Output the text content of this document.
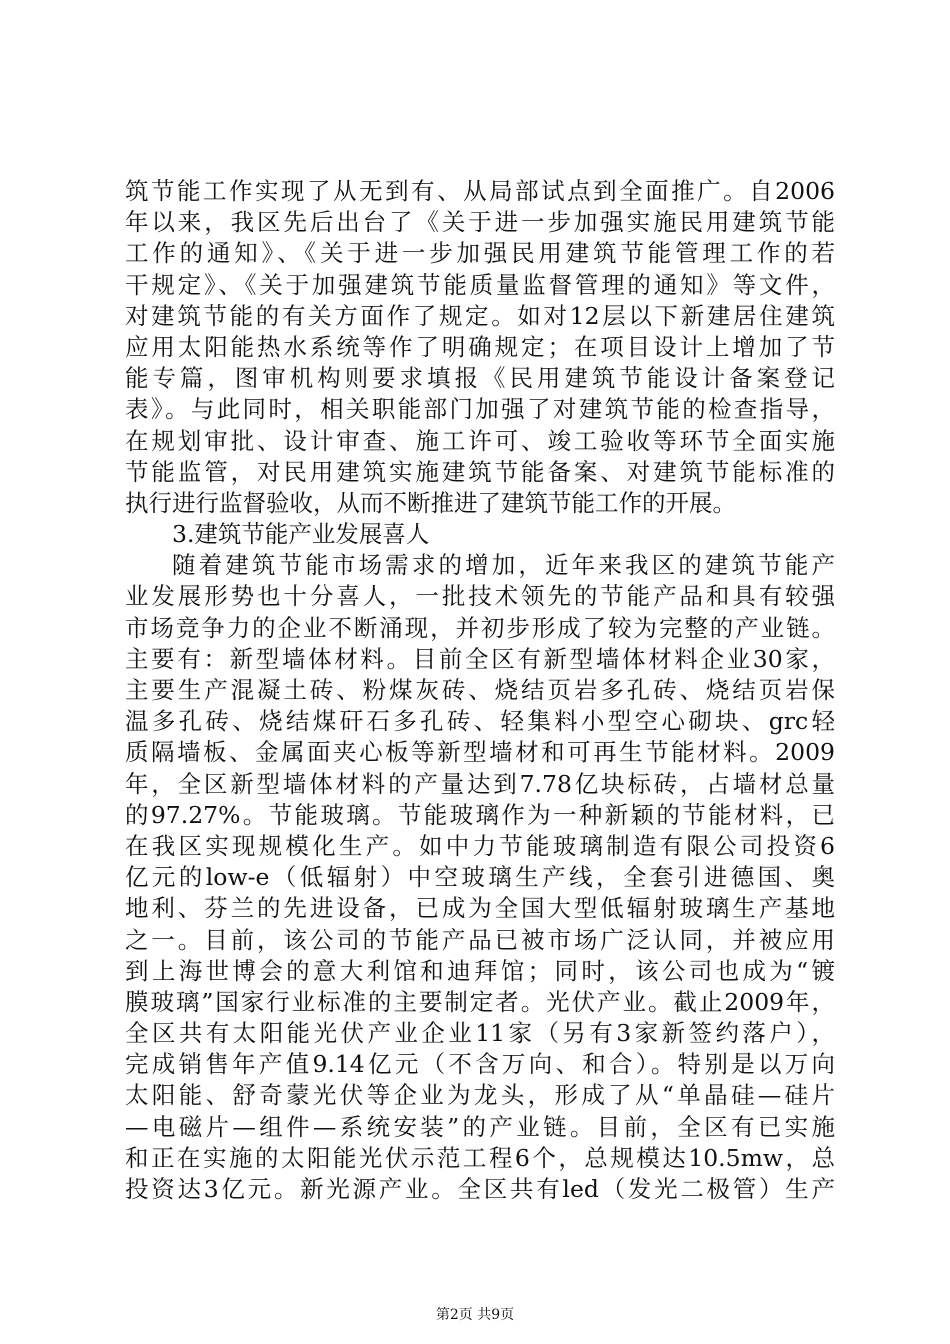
筑节能工作实现了从无到有、从局部试点到全面推广。自2006
年以来，我区先后出台了《关于进一步加强实施民用建筑节能
工作的通知》、《关于进一步加强民用建筑节能管理工作的若
干规定》、《关于加强建筑节能质量监督管理的通知》等文件，
对建筑节能的有关方面作了规定。如对12层以下新建居住建筑
应用太阳能热水系统等作了明确规定；在项目设计上增加了节
能专篇，图审机构则要求填报《民用建筑节能设计备案登记
表》。与此同时，相关职能部门加强了对建筑节能的检查指导，
在规划审批、设计审查、施工许可、竣工验收等环节全面实施
节能监管，对民用建筑实施建筑节能备案、对建筑节能标准的
执行进行监督验收，从而不断推进了建筑节能工作的开展。
3.建筑节能产业发展喜人
随着建筑节能市场需求的增加，近年来我区的建筑节能产
业发展形势也十分喜人，一批技术领先的节能产品和具有较强
市场竞争力的企业不断涌现，并初步形成了较为完整的产业链。
主要有：新型墙体材料。目前全区有新型墙体材料企业30家，
主要生产混凝土砖、粉煤灰砖、烧结页岩多孔砖、烧结页岩保
温多孔砖、烧结煤矸石多孔砖、轻集料小型空心砌块、grc轻
质隔墙板、金属面夹心板等新型墙材和可再生节能材料。2009
年，全区新型墙体材料的产量达到7.78亿块标砖，占墙材总量
的97.27%。节能玻璃。节能玻璃作为一种新颖的节能材料，已
在我区实现规模化生产。如中力节能玻璃制造有限公司投资6
亿元的low-e（低辐射）中空玻璃生产线，全套引进德国、奥
地利、芬兰的先进设备，已成为全国大型低辐射玻璃生产基地
之一。目前，该公司的节能产品已被市场广泛认同，并被应用
到上海世博会的意大利馆和迪拜馆；同时，该公司也成为“镀
膜玻璃”国家行业标准的主要制定者。光伏产业。截止2009年，
全区共有太阳能光伏产业企业11家（另有3家新签约落户），
完成销售年产值9.14亿元（不含万向、和合）。特别是以万向
太阳能、舒奇蒙光伏等企业为龙头，形成了从“单晶硅—硅片
—电磁片—组件—系统安装”的产业链。目前，全区有已实施
和正在实施的太阳能光伏示范工程6个，总规模达10.5mw，总
投资达3亿元。新光源产业。全区共有led（发光二极管）生产
第2页 共9页
